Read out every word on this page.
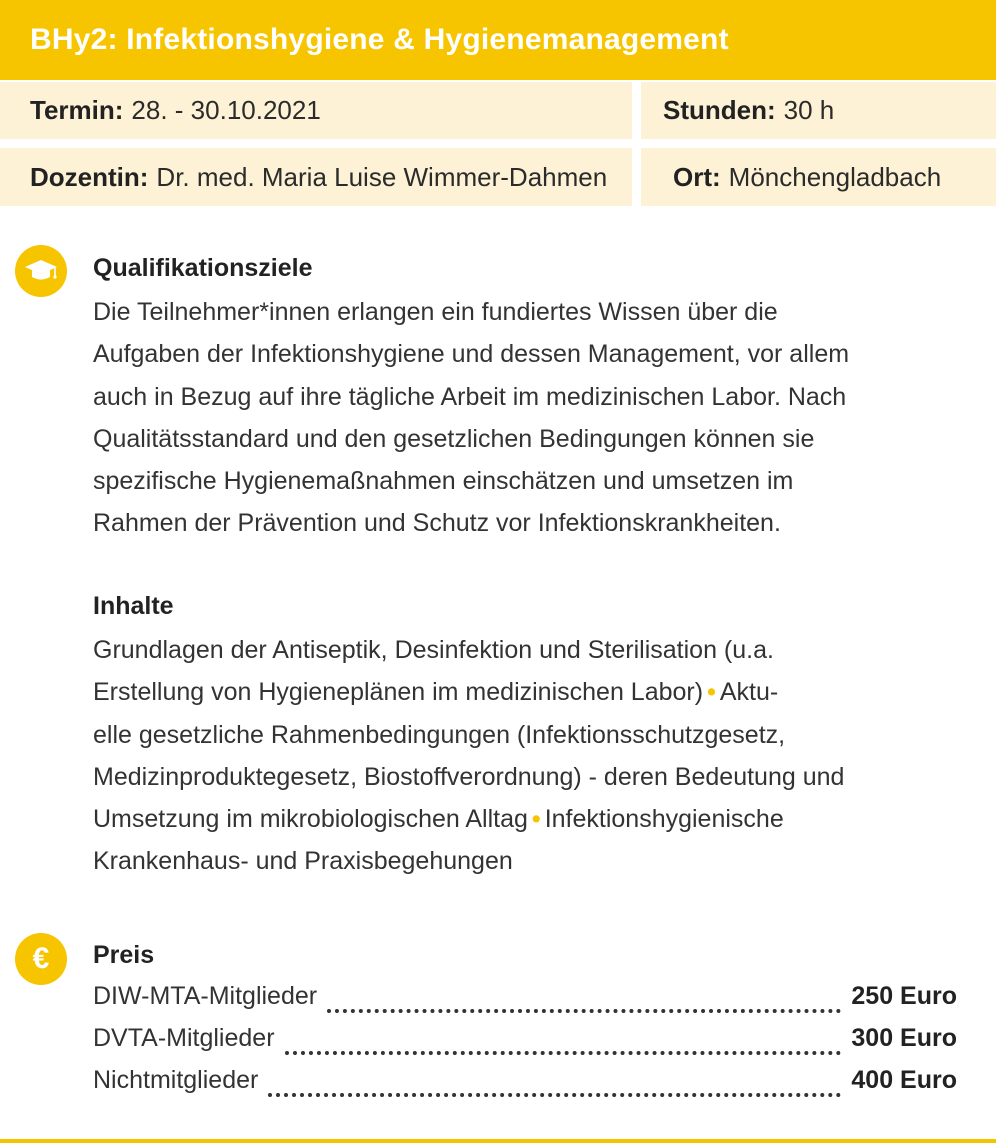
BHy2: Infektionshygiene & Hygienemanagement
Termin: 28. - 30.10.2021	Stunden: 30 h
Dozentin: Dr. med. Maria Luise Wimmer-Dahmen	Ort: Mönchengladbach
Qualifikationsziele
Die Teilnehmer*innen erlangen ein fundiertes Wissen über die
Aufgaben der Infektionshygiene und dessen Management, vor allem
auch in Bezug auf ihre tägliche Arbeit im medizinischen Labor. Nach
Qualitätsstandard und den gesetzlichen Bedingungen können sie
spezifische Hygienemaßnahmen einschätzen und umsetzen im
Rahmen der Prävention und Schutz vor Infektionskrankheiten.
Inhalte
Grundlagen der Antiseptik, Desinfektion und Sterilisation (u.a.
Erstellung von Hygieneplänen im medizinischen Labor) • Aktu-
elle gesetzliche Rahmenbedingungen (Infektionsschutzgesetz,
Medizinproduktegesetz, Biostoffverordnung) - deren Bedeutung und
Umsetzung im mikrobiologischen Alltag • Infektionshygienische
Krankenhaus- und Praxisbegehungen
€ Preis
DIW-MTA-Mitglieder	250 Euro
DVTA-Mitglieder	300 Euro
Nichtmitglieder	400 Euro
